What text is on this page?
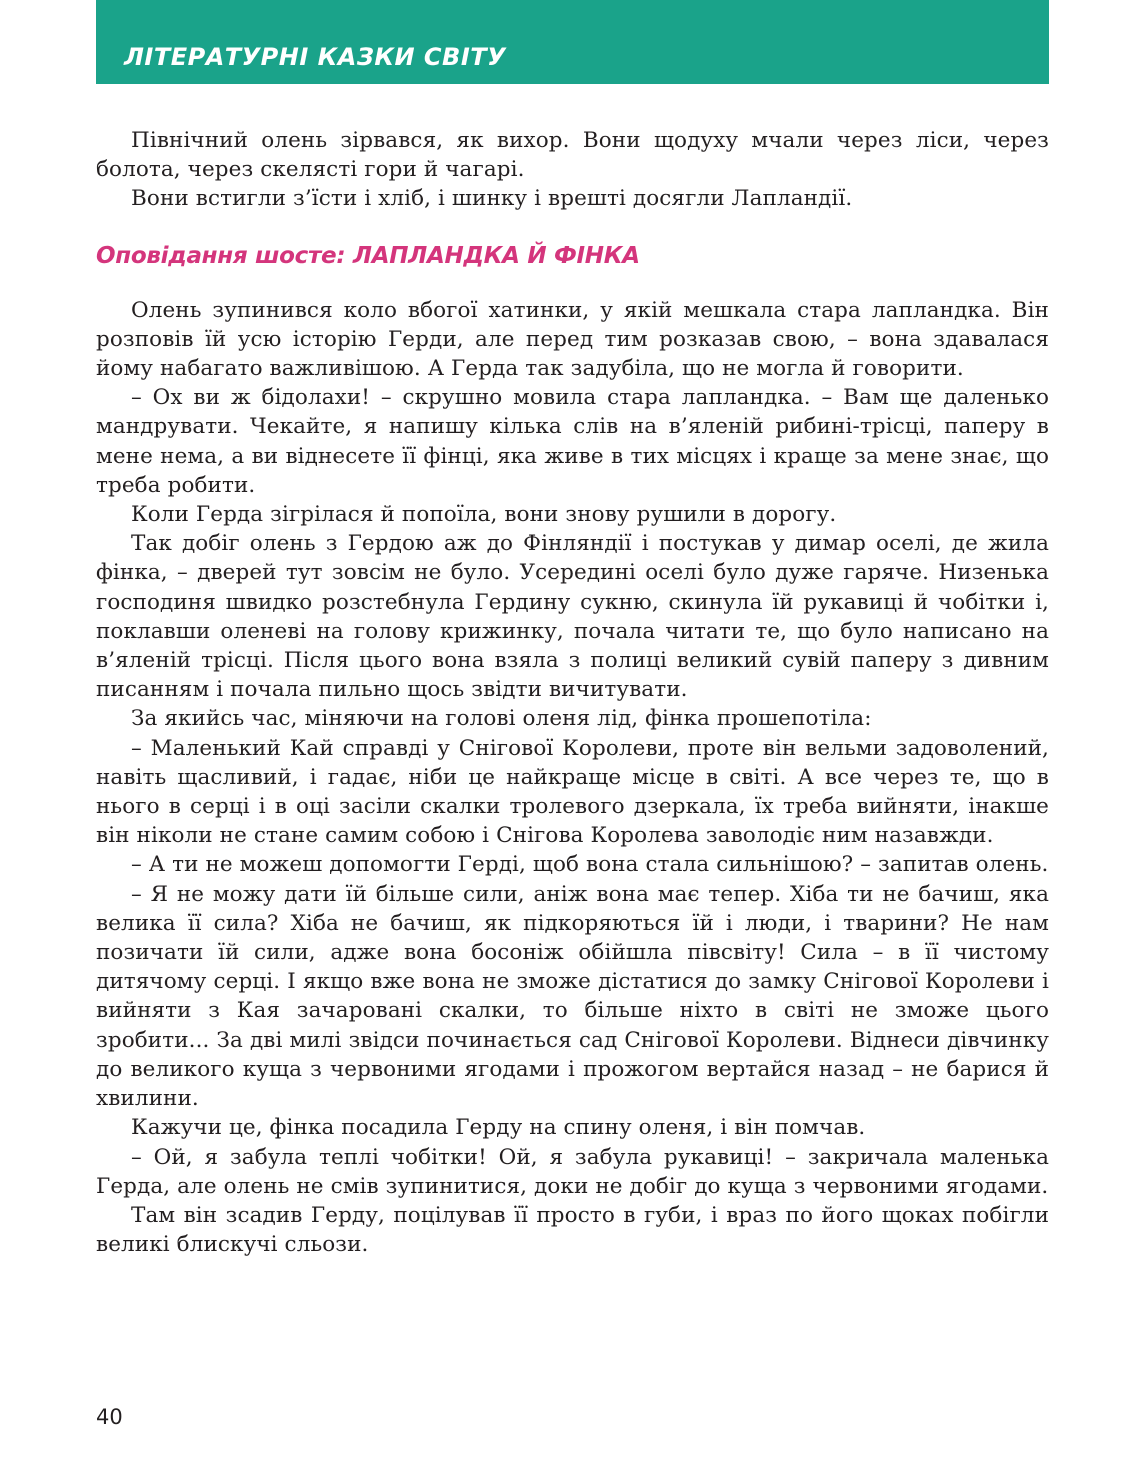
ЛІТЕРАТУРНІ КАЗКИ СВІТУ

Північний олень зірвався, як вихор. Вони щодуху мчали через ліси, через болота, через скелясті гори й чагарі.

Вони встигли з’їсти і хліб, і шинку і врешті досягли Лапландії.

Оповідання шосте: ЛАПЛАНДКА Й ФІНКА

Олень зупинився коло вбогої хатинки, у якій мешкала стара лапландка. Він розповів їй усю історію Герди, але перед тим розказав свою, – вона здавалася йому набагато важливішою. А Герда так задубіла, що не могла й говорити.

– Ох ви ж бідолахи! – скрушно мовила стара лапландка. – Вам ще даленько мандрувати. Чекайте, я напишу кілька слів на в’яленій рибині-трісці, паперу в мене нема, а ви віднесете її фінці, яка живе в тих місцях і краще за мене знає, що треба робити.

Коли Герда зігрілася й попоїла, вони знову рушили в дорогу.

Так добіг олень з Гердою аж до Фінляндії і постукав у димар оселі, де жила фінка, – дверей тут зовсім не було. Усередині оселі було дуже гаряче. Низенька господиня швидко розстебнула Гердину сукню, скинула їй рукавиці й чобітки і, поклавши оленеві на голову крижинку, почала читати те, що було написано на в’яленій трісці. Після цього вона взяла з полиці великий сувій паперу з дивним писанням і почала пильно щось звідти вичитувати.

За якийсь час, міняючи на голові оленя лід, фінка прошепотіла:

– Маленький Кай справді у Снігової Королеви, проте він вельми задоволений, навіть щасливий, і гадає, ніби це найкраще місце в світі. А все через те, що в нього в серці і в оці засіли скалки тролевого дзеркала, їх треба вийняти, інакше він ніколи не стане самим собою і Снігова Королева заволодіє ним назавжди.

– А ти не можеш допомогти Герді, щоб вона стала сильнішою? – запитав олень.

– Я не можу дати їй більше сили, аніж вона має тепер. Хіба ти не бачиш, яка велика її сила? Хіба не бачиш, як підкоряються їй і люди, і тварини? Не нам позичати їй сили, адже вона босоніж обійшла півсвіту! Сила – в її чистому дитячому серці. І якщо вже вона не зможе дістатися до замку Снігової Королеви і вийняти з Кая зачаровані скалки, то більше ніхто в світі не зможе цього зробити... За дві милі звідси починається сад Снігової Королеви. Віднеси дівчинку до великого куща з червоними ягодами і прожогом вертайся назад – не барися й хвилини.

Кажучи це, фінка посадила Герду на спину оленя, і він помчав.

– Ой, я забула теплі чобітки! Ой, я забула рукавиці! – закричала маленька Герда, але олень не смів зупинитися, доки не добіг до куща з червоними ягодами.

Там він зсадив Герду, поцілував її просто в губи, і враз по його щоках побігли великі блискучі сльози.

40
